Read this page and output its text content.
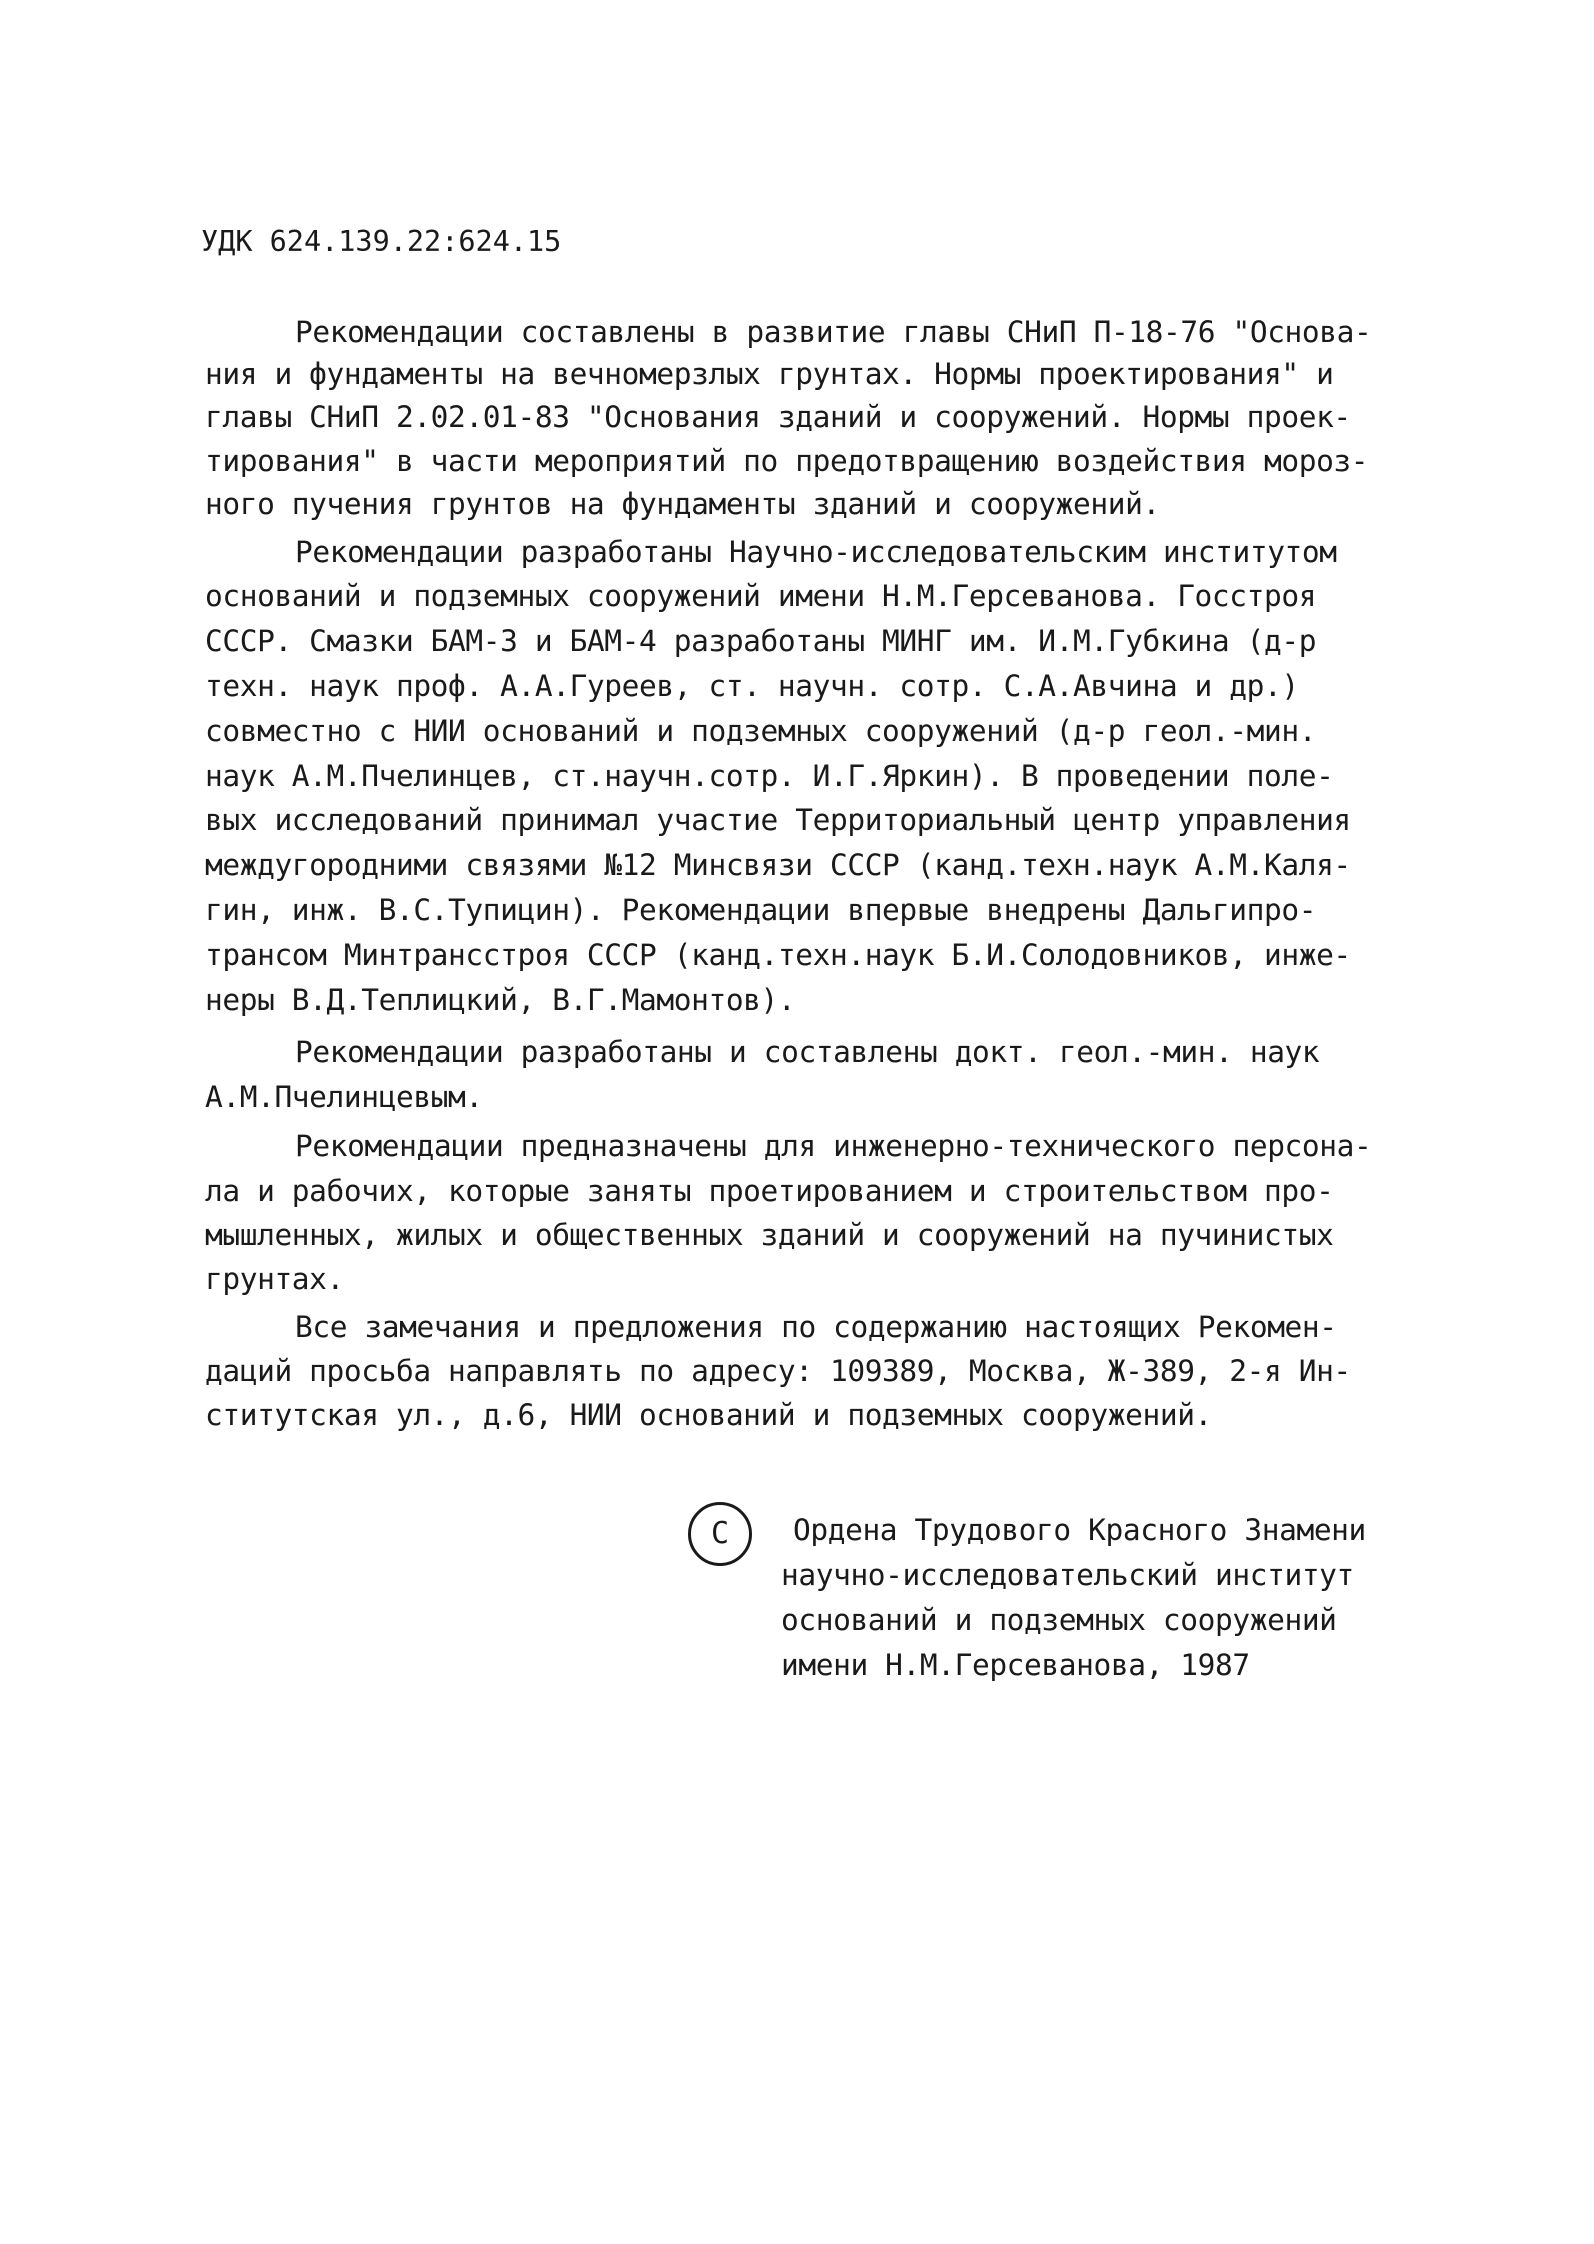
УДК 624.139.22:624.15
Рекомендации составлены в развитие главы СНиП П-18-76 "Основа-
ния и фундаменты на вечномерзлых грунтах. Нормы проектирования" и
главы СНиП 2.02.01-83 "Основания зданий и сооружений. Нормы проек-
тирования" в части мероприятий по предотвращению воздействия мороз-
ного пучения грунтов на фундаменты зданий и сооружений.
Рекомендации разработаны Научно-исследовательским институтом
оснований и подземных сооружений имени Н.М.Герсеванова. Госстроя
СССР. Смазки БАМ-3 и БАМ-4 разработаны МИНГ им. И.М.Губкина (д-р
техн. наук проф. А.А.Гуреев, ст. научн. сотр. С.А.Авчина и др.)
совместно с НИИ оснований и подземных сооружений (д-р геол.-мин.
наук А.М.Пчелинцев, ст.научн.сотр. И.Г.Яркин). В проведении поле-
вых исследований принимал участие Территориальный центр управления
междугородними связями №12 Минсвязи СССР (канд.техн.наук А.М.Каля-
гин, инж. В.С.Тупицин). Рекомендации впервые внедрены Дальгипро-
трансом Минтрансстроя СССР (канд.техн.наук Б.И.Солодовников, инже-
неры В.Д.Теплицкий, В.Г.Мамонтов).
Рекомендации разработаны и составлены докт. геол.-мин. наук
А.М.Пчелинцевым.
Рекомендации предназначены для инженерно-технического персона-
ла и рабочих, которые заняты проетированием и строительством про-
мышленных, жилых и общественных зданий и сооружений на пучинистых
грунтах.
Все замечания и предложения по содержанию настоящих Рекомен-
даций просьба направлять по адресу: 109389, Москва, Ж-389, 2-я Ин-
ститутская ул., д.6, НИИ оснований и подземных сооружений.
С	Ордена Трудового Красного Знамени
научно-исследовательский институт
оснований и подземных сооружений
имени Н.М.Герсеванова, 1987
